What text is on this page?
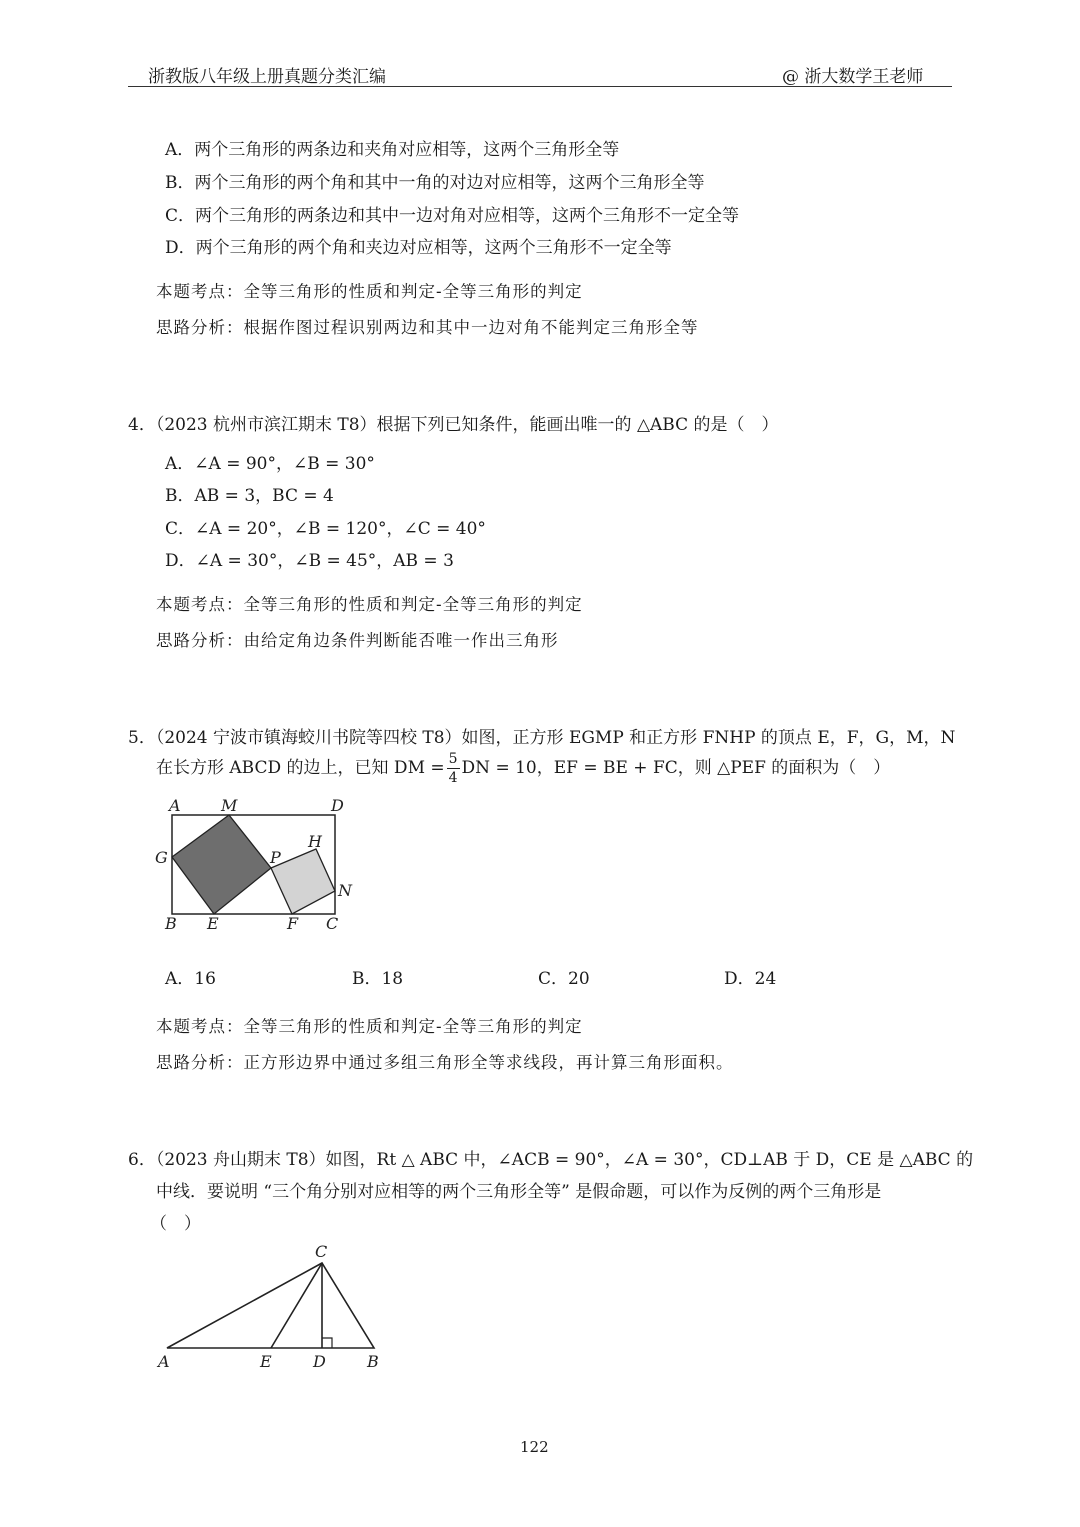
浙教版八年级上册真题分类汇编	@ 浙大数学王老师
A．两个三角形的两条边和夹角对应相等，这两个三角形全等
B．两个三角形的两个角和其中一角的对边对应相等，这两个三角形全等
C．两个三角形的两条边和其中一边对角对应相等，这两个三角形不一定全等
D．两个三角形的两个角和夹边对应相等，这两个三角形不一定全等
本题考点：全等三角形的性质和判定-全等三角形的判定
思路分析：根据作图过程识别两边和其中一边对角不能判定三角形全等
4．（2023 杭州市滨江期末 T8）根据下列已知条件，能画出唯一的 △ABC 的是（　）
A．∠A = 90°，∠B = 30°
B．AB = 3，BC = 4
C．∠A = 20°，∠B = 120°，∠C = 40°
D．∠A = 30°，∠B = 45°，AB = 3
本题考点：全等三角形的性质和判定-全等三角形的判定
思路分析：由给定角边条件判断能否唯一作出三角形
5．（2024 宁波市镇海蛟川书院等四校 T8）如图，正方形 EGMP 和正方形 FNHP 的顶点 E，F，G，M，N
在长方形 ABCD 的边上，已知 DM = $\frac{5}{4}$ DN = 10，EF = BE + FC，则 △PEF 的面积为（　）
A	M	D
G	P
H
N
B E	F C
A．16	B．18	C．20	D．24
本题考点：全等三角形的性质和判定-全等三角形的判定
思路分析：正方形边界中通过多组三角形全等求线段，再计算三角形面积。
6．（2023 舟山期末 T8）如图，Rt △ ABC 中，∠ACB = 90°，∠A = 30°，CD⊥AB 于 D，CE 是 △ABC 的
中线．要说明 “三个角分别对应相等的两个三角形全等” 是假命题，可以作为反例的两个三角形是
（　）
C
A	E	D	B
122
